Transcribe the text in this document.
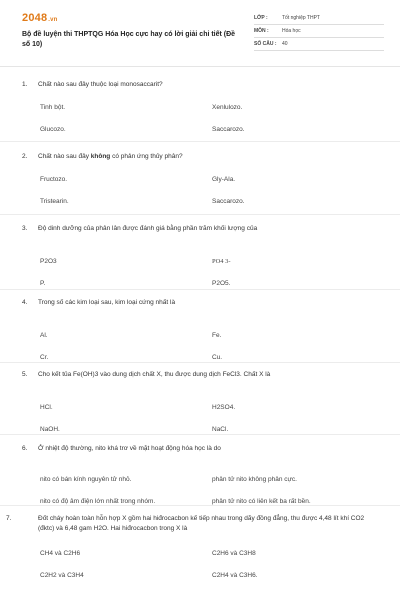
2048.vn
Bộ đề luyện thi THPTQG Hóa Học cực hay có lời giải chi tiết (Đề số 10)
LỚP :	Tốt nghiệp THPT
MÔN :	Hóa học
SỐ CÂU :	40
1. Chất nào sau đây thuộc loại monosaccarit?
Tinh bột.	Xenlulozo.
Glucozo.	Saccarozo.
2. Chất nào sau đây không có phản ứng thủy phân?
Fructozo.	Gly-Ala.
Tristearin.	Saccarozo.
3. Độ dinh dưỡng của phân lân được đánh giá bằng phần trăm khối lượng của
P2O3	PO4 3-
P.	P2O5.
4. Trong số các kim loại sau, kim loại cứng nhất là
Al.	Fe.
Cr.	Cu.
5. Cho kết tủa Fe(OH)3 vào dung dịch chất X, thu được dung dịch FeCl3. Chất X là
HCl.	H2SO4.
NaOH.	NaCl.
6. Ở nhiệt độ thường, nito khá trơ về mặt hoạt động hóa học là do
nito có bán kính nguyên tử nhỏ.	phân tử nito không phân cực.
nito có độ âm điện lớn nhất trong nhóm.	phân tử nito có liên kết ba rất bền.
7.	Đốt cháy hoàn toàn hỗn hợp X gồm hai hiđrocacbon kế tiếp nhau trong dãy đồng đẳng, thu được 4,48 lít khí CO2 (đktc) và 6,48 gam H2O. Hai hiđrocacbon trong X là
CH4 và C2H6	C2H6 và C3H8
C2H2 và C3H4	C2H4 và C3H6.
